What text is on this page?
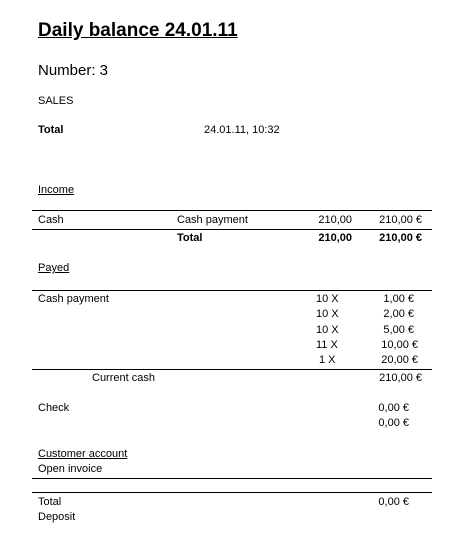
Daily balance 24.01.11
Number: 3
SALES
Total	24.01.11, 10:32
Income
Cash	Cash payment	210,00	210,00 €
Total	210,00	210,00 €
Payed
Cash payment	10 X	1,00 €
10 X	2,00 €
10 X	5,00 €
11 X	10,00 €
1 X	20,00 €
Current cash	210,00 €
Check	0,00 €
0,00 €
Customer account
Open invoice
Total	0,00 €
Deposit
